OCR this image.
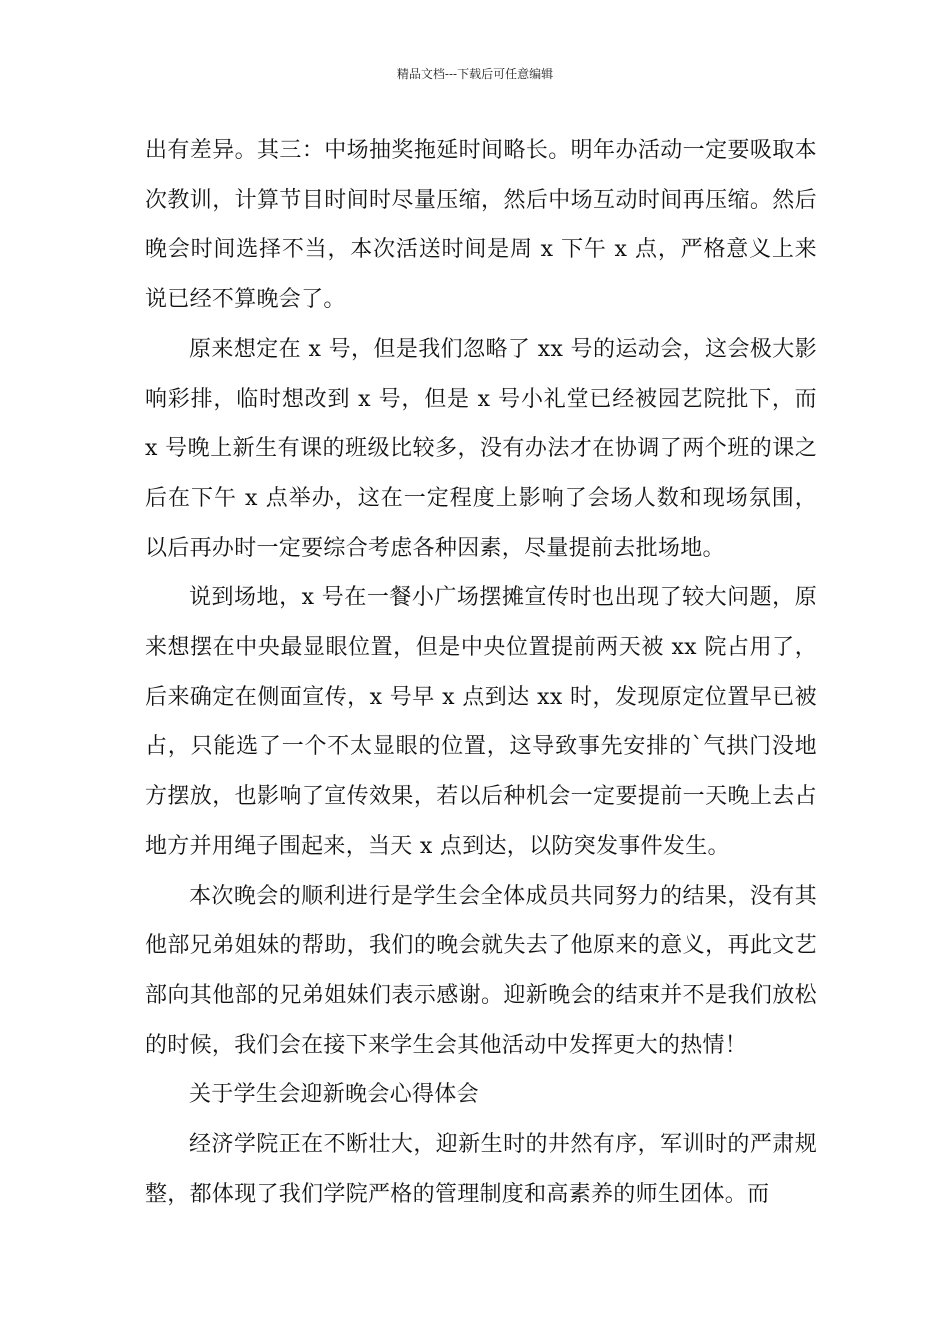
精品文档---下载后可任意编辑

出有差异。其三：中场抽奖拖延时间略长。明年办活动一定要吸取本次教训，计算节目时间时尽量压缩，然后中场互动时间再压缩。然后晚会时间选择不当，本次活送时间是周 x 下午 x 点，严格意义上来说已经不算晚会了。

原来想定在 x 号，但是我们忽略了 xx 号的运动会，这会极大影响彩排，临时想改到 x 号，但是 x 号小礼堂已经被园艺院批下，而 x 号晚上新生有课的班级比较多，没有办法才在协调了两个班的课之后在下午 x 点举办，这在一定程度上影响了会场人数和现场氛围，以后再办时一定要综合考虑各种因素，尽量提前去批场地。

说到场地，x 号在一餐小广场摆摊宣传时也出现了较大问题，原来想摆在中央最显眼位置，但是中央位置提前两天被 xx 院占用了，后来确定在侧面宣传，x 号早 x 点到达 xx 时，发现原定位置早已被占，只能选了一个不太显眼的位置，这导致事先安排的`气拱门没地方摆放，也影响了宣传效果，若以后种机会一定要提前一天晚上去占地方并用绳子围起来，当天 x 点到达，以防突发事件发生。

本次晚会的顺利进行是学生会全体成员共同努力的结果，没有其他部兄弟姐妹的帮助，我们的晚会就失去了他原来的意义，再此文艺部向其他部的兄弟姐妹们表示感谢。迎新晚会的结束并不是我们放松的时候，我们会在接下来学生会其他活动中发挥更大的热情！

关于学生会迎新晚会心得体会

经济学院正在不断壮大，迎新生时的井然有序，军训时的严肃规整，都体现了我们学院严格的管理制度和高素养的师生团体。而
